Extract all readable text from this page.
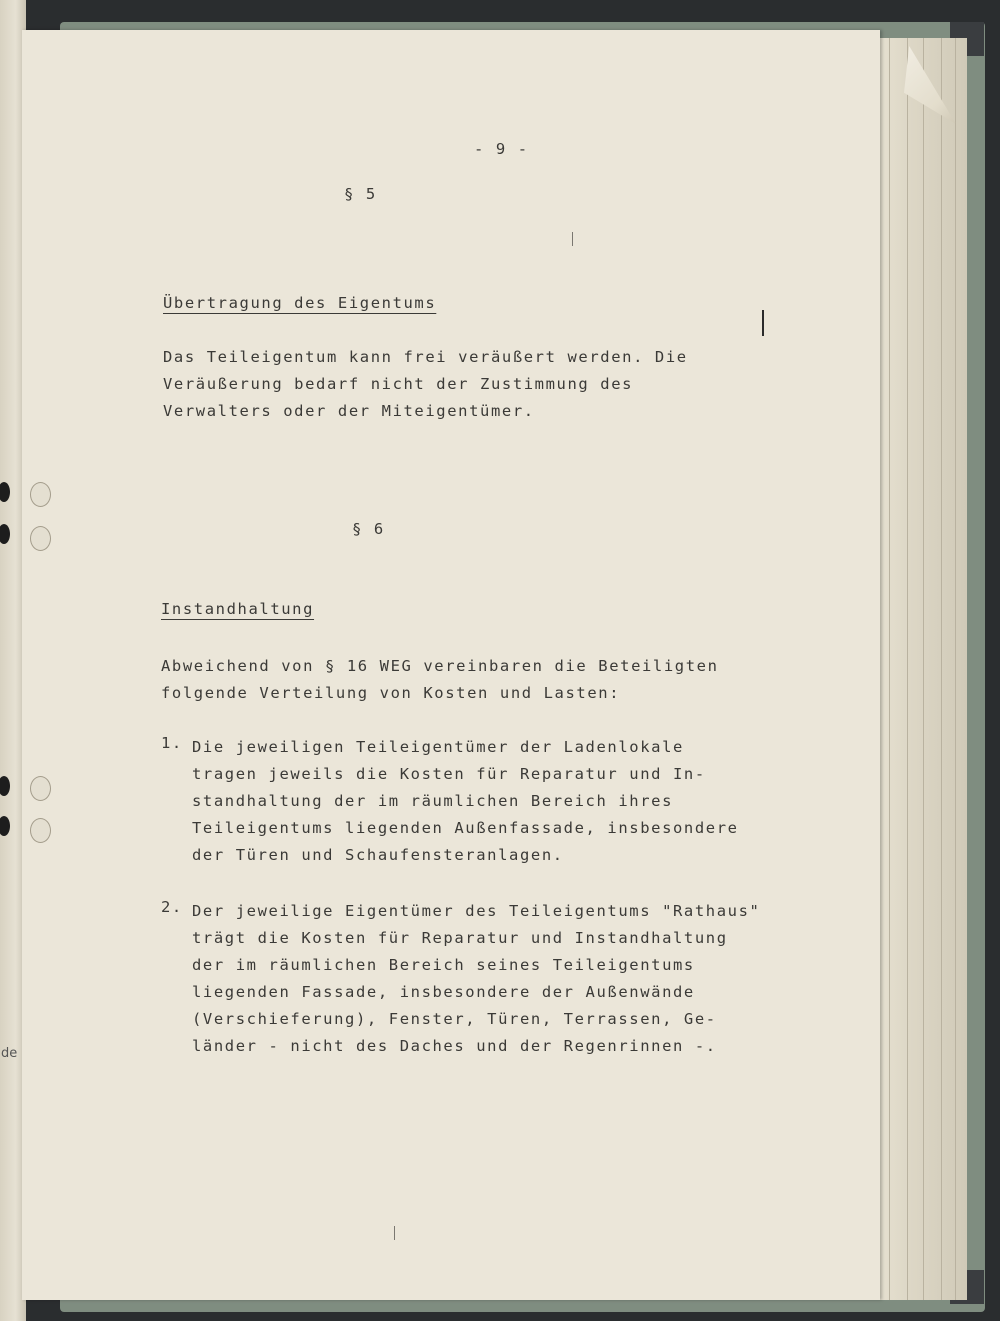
de

- 9 -

§ 5

Übertragung des Eigentums

Das Teileigentum kann frei veräußert werden. Die
Veräußerung bedarf nicht der Zustimmung des
Verwalters oder der Miteigentümer.

§ 6

Instandhaltung

Abweichend von § 16 WEG vereinbaren die Beteiligten
folgende Verteilung von Kosten und Lasten:

1. Die jeweiligen Teileigentümer der Ladenlokale
tragen jeweils die Kosten für Reparatur und In-
standhaltung der im räumlichen Bereich ihres
Teileigentums liegenden Außenfassade, insbesondere
der Türen und Schaufensteranlagen.

2. Der jeweilige Eigentümer des Teileigentums "Rathaus"
trägt die Kosten für Reparatur und Instandhaltung
der im räumlichen Bereich seines Teileigentums
liegenden Fassade, insbesondere der Außenwände
(Verschieferung), Fenster, Türen, Terrassen, Ge-
länder - nicht des Daches und der Regenrinnen -.
